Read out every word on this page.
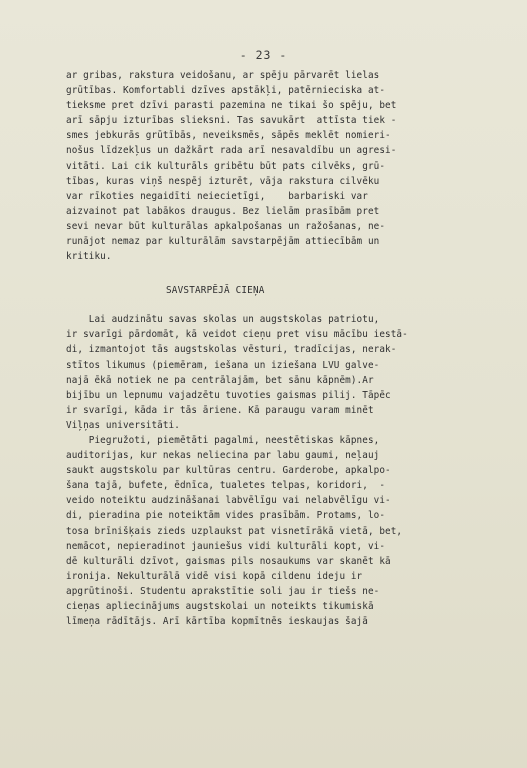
- 23 -
ar gribas, rakstura veidošanu, ar spēju pārvarēt lielas
grūtības. Komfortabli dzīves apstākļi, patērnieciska at-
tieksme pret dzīvi parasti pazemina ne tikai šo spēju, bet
arī sāpju izturības slieksni. Tas savukārt  attīsta tiek -
smes jebkurās grūtībās, neveiksmēs, sāpēs meklēt nomieri-
nošus līdzekļus un dažkārt rada arī nesavaldību un agresi-
vitāti. Lai cik kulturāls gribētu būt pats cilvēks, grū-
tības, kuras viņš nespēj izturēt, vāja rakstura cilvēku
var rīkoties negaidīti neiecietīgi,    barbariski var
aizvainot pat labākos draugus. Bez lielām prasībām pret
sevi nevar būt kulturālas apkalpošanas un ražošanas, ne-
runājot nemaz par kulturālām savstarpējām attiecībām un
kritiku.
SAVSTARPĒJĀ CIEŅA
Lai audzinātu savas skolas un augstskolas patriotu,
ir svarīgi pārdomāt, kā veidot cieņu pret visu mācību iestā-
di, izmantojot tās augstskolas vēsturi, tradīcijas, nerak-
stītos likumus (piemēram, iešana un iziešana LVU galve-
najā ēkā notiek ne pa centrālajām, bet sānu kāpnēm).Ar
bijību un lepnumu vajadzētu tuvoties gaismas pilij. Tāpēc
ir svarīgi, kāda ir tās āriene. Kā paraugu varam minēt
Viļņas universitāti.
Piegružoti, piemētāti pagalmi, neestētiskas kāpnes,
auditorijas, kur nekas neliecina par labu gaumi, neļauj
saukt augstskolu par kultūras centru. Garderobe, apkalpo-
šana tajā, bufete, ēdnīca, tualetes telpas, koridori,  -
veido noteiktu audzināšanai labvēlīgu vai nelabvēlīgu vi-
di, pieradina pie noteiktām vides prasībām. Protams, lo-
tosa brīnišķais zieds uzplaukst pat visnetīrākā vietā, bet,
nemācot, nepieradinot jauniešus vidi kulturāli kopt, vi-
dē kulturāli dzīvot, gaismas pils nosaukums var skanēt kā
ironija. Nekulturālā vidē visi kopā cildenu ideju ir
apgrūtinoši. Studentu aprakstītie soli jau ir tiešs ne-
cieņas apliecinājums augstskolai un noteikts tikumiskā
līmeņa rādītājs. Arī kārtība kopmītnēs ieskaujas šajā
